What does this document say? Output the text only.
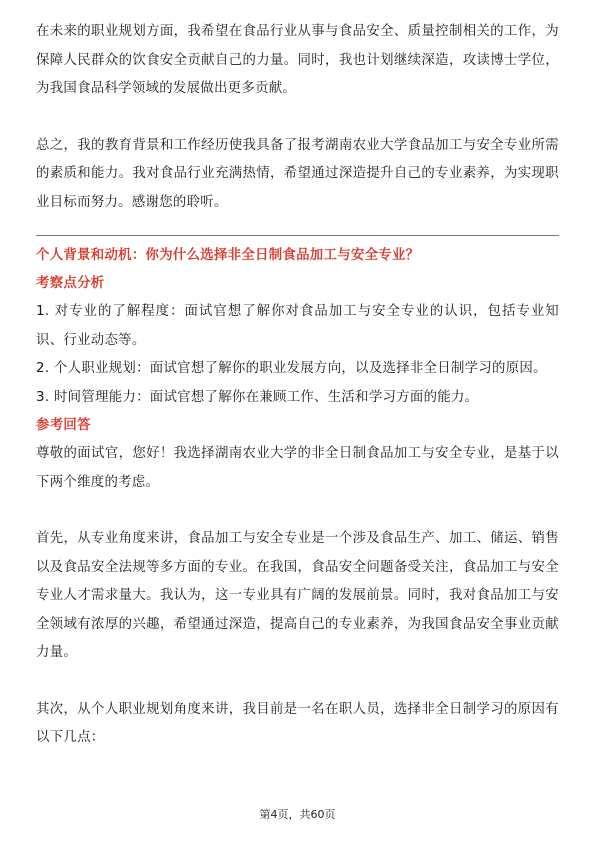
在未来的职业规划方面，我希望在食品行业从事与食品安全、质量控制相关的工作，为保障人民群众的饮食安全贡献自己的力量。同时，我也计划继续深造，攻读博士学位，为我国食品科学领域的发展做出更多贡献。

总之，我的教育背景和工作经历使我具备了报考湖南农业大学食品加工与安全专业所需的素质和能力。我对食品行业充满热情，希望通过深造提升自己的专业素养，为实现职业目标而努力。感谢您的聆听。

个人背景和动机：你为什么选择非全日制食品加工与安全专业？

考察点分析

1. 对专业的了解程度：面试官想了解你对食品加工与安全专业的认识，包括专业知识、行业动态等。

2. 个人职业规划：面试官想了解你的职业发展方向，以及选择非全日制学习的原因。

3. 时间管理能力：面试官想了解你在兼顾工作、生活和学习方面的能力。

参考回答

尊敬的面试官，您好！我选择湖南农业大学的非全日制食品加工与安全专业，是基于以下两个维度的考虑。

首先，从专业角度来讲，食品加工与安全专业是一个涉及食品生产、加工、储运、销售以及食品安全法规等多方面的专业。在我国，食品安全问题备受关注，食品加工与安全专业人才需求量大。我认为，这一专业具有广阔的发展前景。同时，我对食品加工与安全领域有浓厚的兴趣，希望通过深造，提高自己的专业素养，为我国食品安全事业贡献力量。

其次，从个人职业规划角度来讲，我目前是一名在职人员，选择非全日制学习的原因有以下几点：

第4页，共60页
